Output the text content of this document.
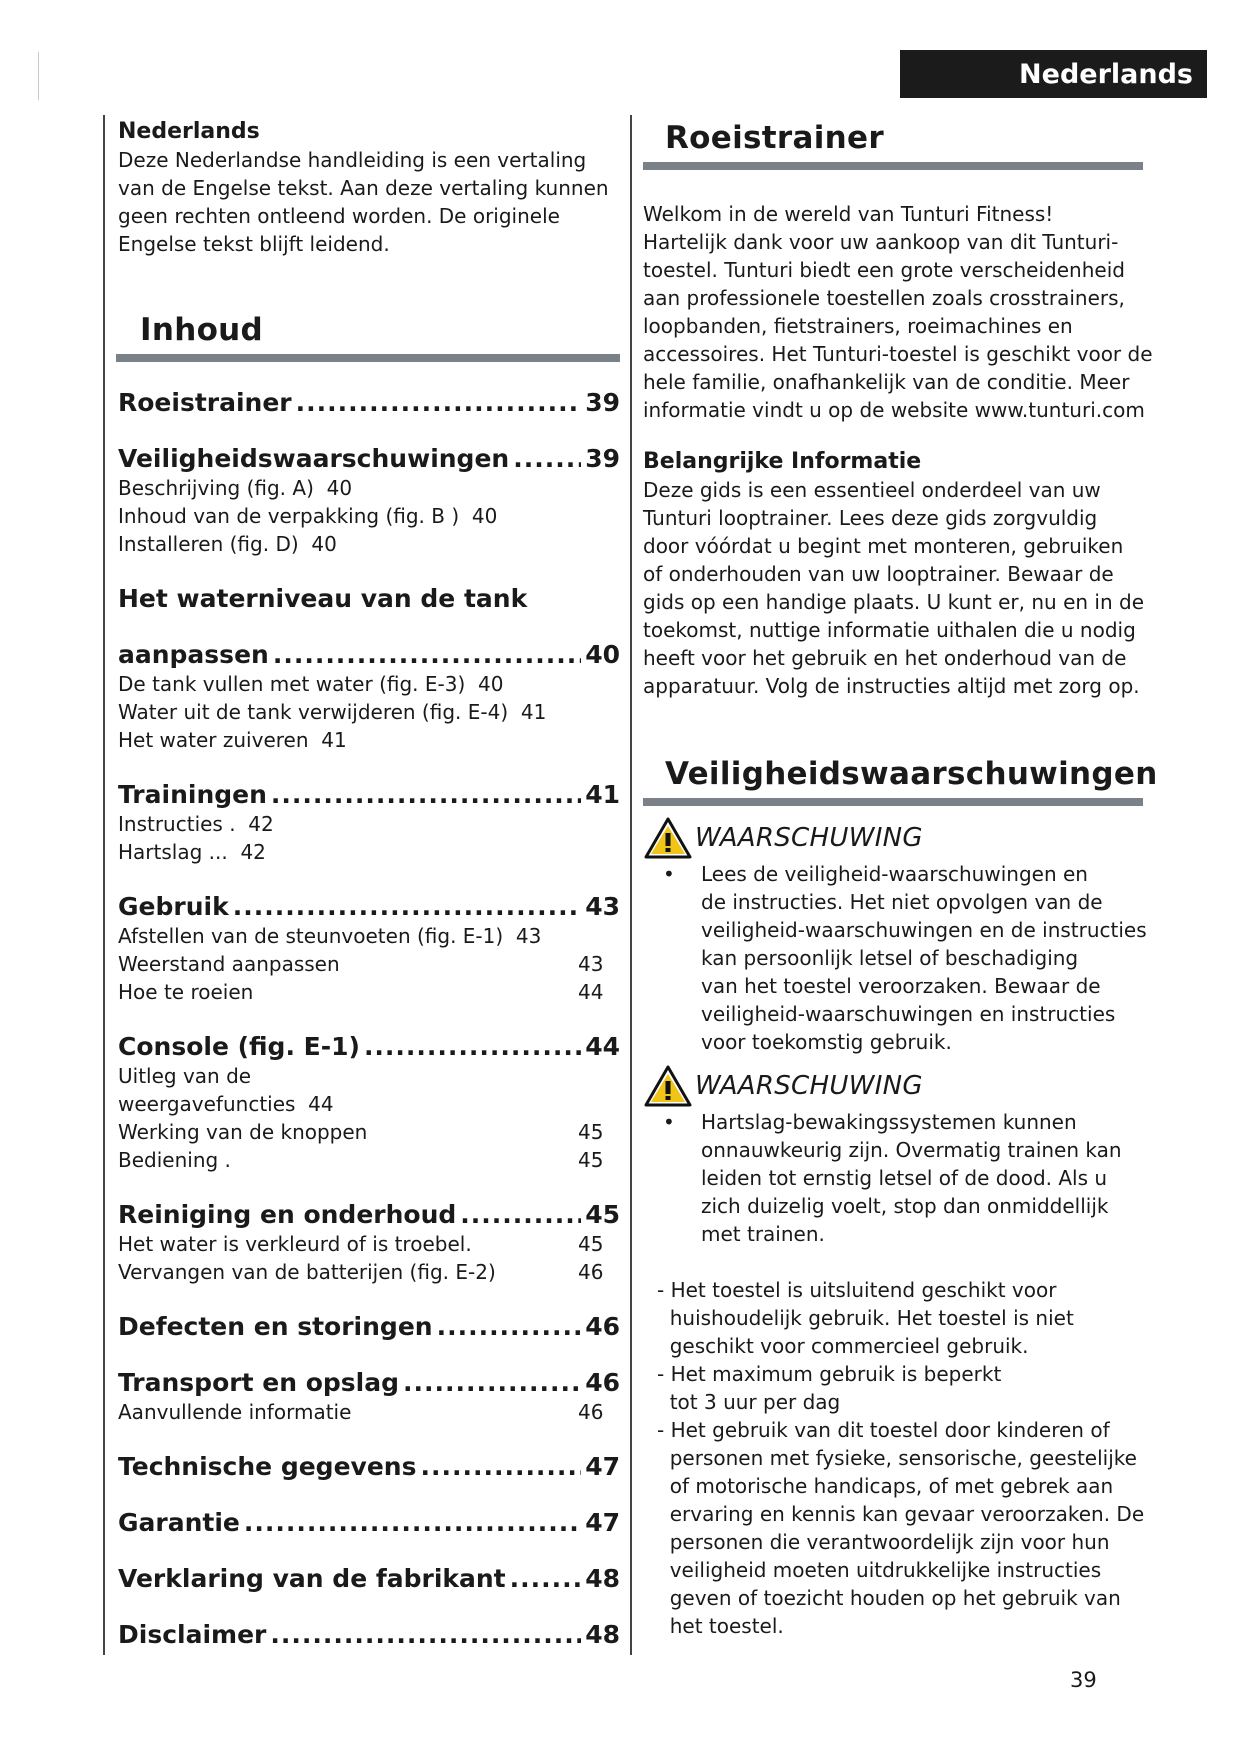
Nederlands
Nederlands
Deze Nederlandse handleiding is een vertaling
van de Engelse tekst. Aan deze vertaling kunnen
geen rechten ontleend worden. De originele
Engelse tekst blijft leidend.
Inhoud
Roeistrainer .....	39
Veiligheidswaarschuwingen .....	39
Beschrijving (fig. A) 40
Inhoud van de verpakking (fig. B ) 40
Installeren (fig. D) 40
Het waterniveau van de tank
aanpassen .....	40
De tank vullen met water (fig. E-3) 40
Water uit de tank verwijderen (fig. E-4) 41
Het water zuiveren 41
Trainingen .....	41
Instructies . 42
Hartslag ... 42
Gebruik .....	43
Afstellen van de steunvoeten (fig. E-1) 43
Weerstand aanpassen	43
Hoe te roeien	44
Console (fig. E-1) .....	44
Uitleg van de
weergavefuncties 44
Werking van de knoppen	45
Bediening .	45
Reiniging en onderhoud .....	45
Het water is verkleurd of is troebel.	45
Vervangen van de batterijen (fig. E-2)	46
Defecten en storingen .....	46
Transport en opslag .....	46
Aanvullende informatie	46
Technische gegevens .....	47
Garantie .....	47
Verklaring van de fabrikant .....	48
Disclaimer .....	48
Roeistrainer
Welkom in de wereld van Tunturi Fitness!
Hartelijk dank voor uw aankoop van dit Tunturi-
toestel. Tunturi biedt een grote verscheidenheid
aan professionele toestellen zoals crosstrainers,
loopbanden, fietstrainers, roeimachines en
accessoires. Het Tunturi-toestel is geschikt voor de
hele familie, onafhankelijk van de conditie. Meer
informatie vindt u op de website www.tunturi.com
Belangrijke Informatie
Deze gids is een essentieel onderdeel van uw
Tunturi looptrainer. Lees deze gids zorgvuldig
door vóórdat u begint met monteren, gebruiken
of onderhouden van uw looptrainer. Bewaar de
gids op een handige plaats. U kunt er, nu en in de
toekomst, nuttige informatie uithalen die u nodig
heeft voor het gebruik en het onderhoud van de
apparatuur. Volg de instructies altijd met zorg op.
Veiligheidswaarschuwingen
WAARSCHUWING
•	Lees de veiligheid-waarschuwingen en
de instructies. Het niet opvolgen van de
veiligheid-waarschuwingen en de instructies
kan persoonlijk letsel of beschadiging
van het toestel veroorzaken. Bewaar de
veiligheid-waarschuwingen en instructies
voor toekomstig gebruik.
WAARSCHUWING
•	Hartslag-bewakingssystemen kunnen
onnauwkeurig zijn. Overmatig trainen kan
leiden tot ernstig letsel of de dood. Als u
zich duizelig voelt, stop dan onmiddellijk
met trainen.
- Het toestel is uitsluitend geschikt voor
huishoudelijk gebruik. Het toestel is niet
geschikt voor commercieel gebruik.
- Het maximum gebruik is beperkt
tot 3 uur per dag
- Het gebruik van dit toestel door kinderen of
personen met fysieke, sensorische, geestelijke
of motorische handicaps, of met gebrek aan
ervaring en kennis kan gevaar veroorzaken. De
personen die verantwoordelijk zijn voor hun
veiligheid moeten uitdrukkelijke instructies
geven of toezicht houden op het gebruik van
het toestel.
39
